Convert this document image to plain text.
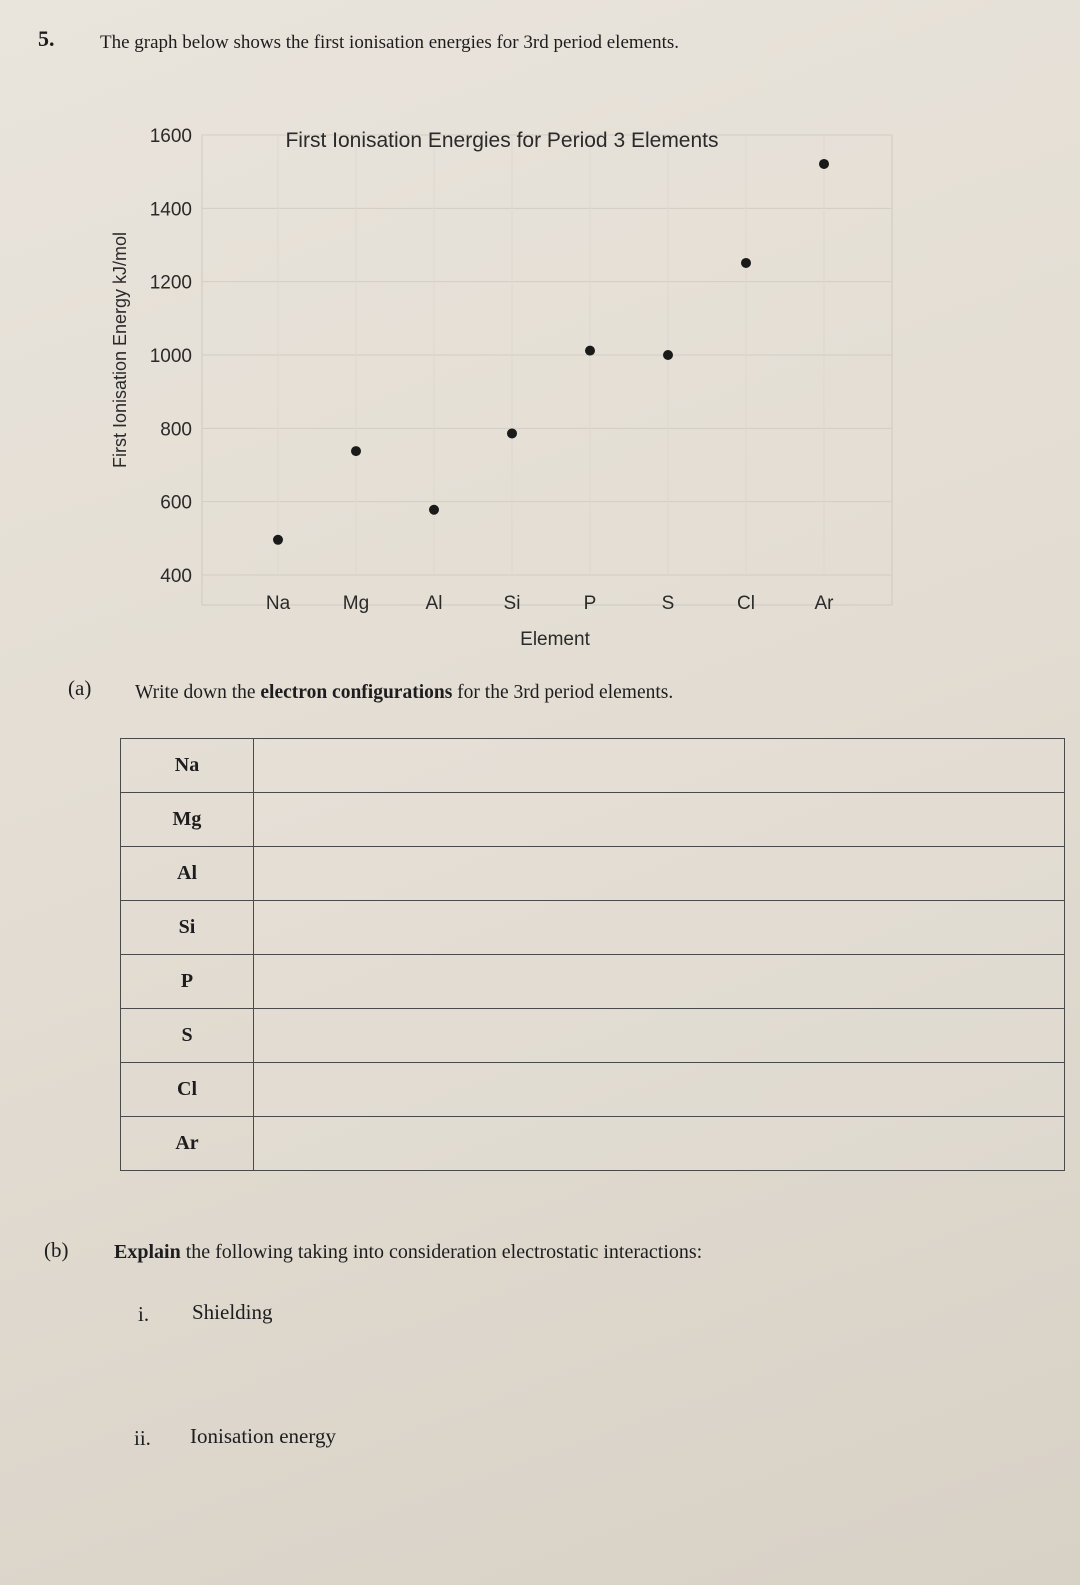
5. The graph below shows the first ionisation energies for 3rd period elements.
1600
1400
1200
1000
800
600
400
Na	Mg	Al	Si	P	S	Cl	Ar
First Ionisation Energies for Period 3 Elements
Element
First Ionisation Energy kJ/mol
(a) Write down the electron configurations for the 3rd period elements.
Na	
Mg	
Al	
Si	
P	
S	
Cl	
Ar	
(b) Explain the following taking into consideration electrostatic interactions:
i. Shielding
ii. Ionisation energy
